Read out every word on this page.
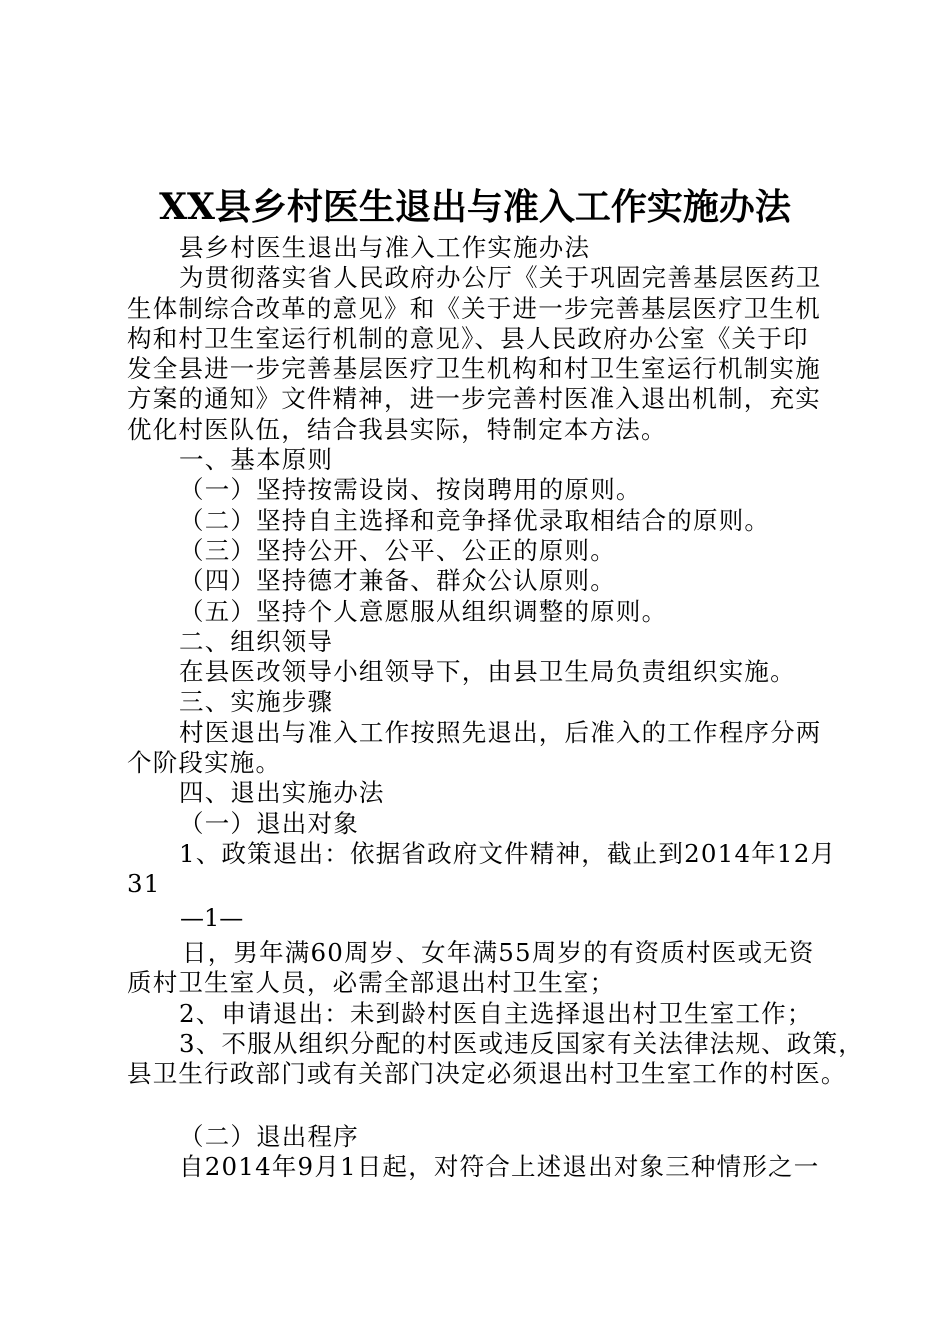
XX县乡村医生退出与准入工作实施办法
县乡村医生退出与准入工作实施办法
为贯彻落实省人民政府办公厅《关于巩固完善基层医药卫
生体制综合改革的意见》和《关于进一步完善基层医疗卫生机
构和村卫生室运行机制的意见》、县人民政府办公室《关于印
发全县进一步完善基层医疗卫生机构和村卫生室运行机制实施
方案的通知》文件精神，进一步完善村医准入退出机制，充实
优化村医队伍，结合我县实际，特制定本方法。
一、基本原则
（一）坚持按需设岗、按岗聘用的原则。
（二）坚持自主选择和竞争择优录取相结合的原则。
（三）坚持公开、公平、公正的原则。
（四）坚持德才兼备、群众公认原则。
（五）坚持个人意愿服从组织调整的原则。
二、组织领导
在县医改领导小组领导下，由县卫生局负责组织实施。
三、实施步骤
村医退出与准入工作按照先退出，后准入的工作程序分两
个阶段实施。
四、退出实施办法
（一）退出对象
1、政策退出：依据省政府文件精神，截止到2014年12月
31
—1—
日，男年满60周岁、女年满55周岁的有资质村医或无资
质村卫生室人员，必需全部退出村卫生室；
2、申请退出：未到龄村医自主选择退出村卫生室工作；
3、不服从组织分配的村医或违反国家有关法律法规、政策，
县卫生行政部门或有关部门决定必须退出村卫生室工作的村医。
（二）退出程序
自2014年9月1日起，对符合上述退出对象三种情形之一
